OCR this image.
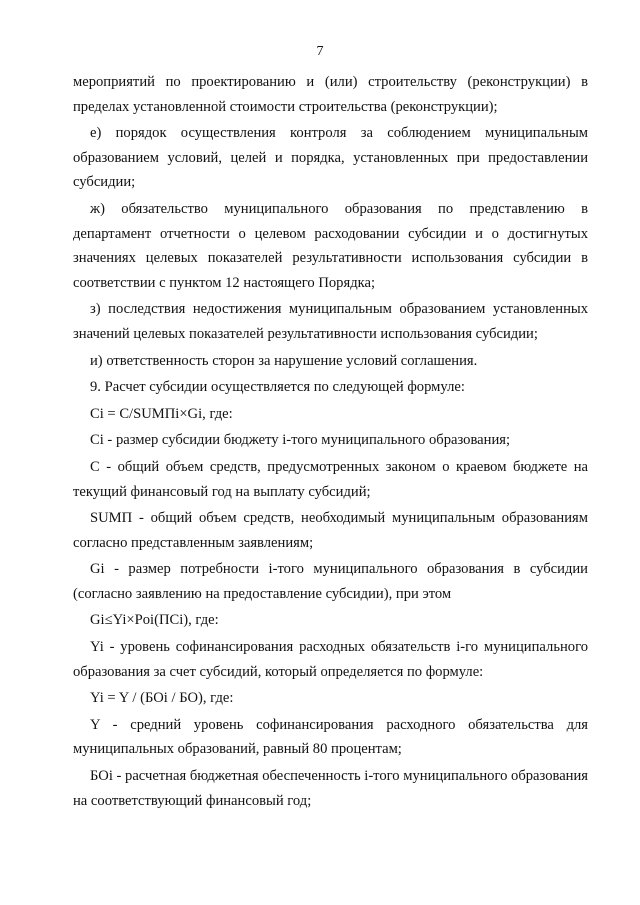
7

мероприятий по проектированию и (или) строительству (реконструкции) в пределах установленной стоимости строительства (реконструкции);

е) порядок осуществления контроля за соблюдением муниципальным образованием условий, целей и порядка, установленных при предоставлении субсидии;

ж) обязательство муниципального образования по представлению в департамент отчетности о целевом расходовании субсидии и о достигнутых значениях целевых показателей результативности использования субсидии в соответствии с пунктом 12 настоящего Порядка;

з) последствия недостижения муниципальным образованием установленных значений целевых показателей результативности использования субсидии;

и) ответственность сторон за нарушение условий соглашения.

9. Расчет субсидии осуществляется по следующей формуле:

Ci = C/SUMПi×Gi, где:

Ci - размер субсидии бюджету i-того муниципального образования;

С - общий объем средств, предусмотренных законом о краевом бюджете на текущий финансовый год на выплату субсидий;

SUMП - общий объем средств, необходимый муниципальным образованиям согласно представленным заявлениям;

Gi - размер потребности i-того муниципального образования в субсидии (согласно заявлению на предоставление субсидии), при этом

Gi≤Yi×Poi(ПСi), где:

Yi - уровень софинансирования расходных обязательств i-го муниципального образования за счет субсидий, который определяется по формуле:

Yi = Y / (БОi / БО), где:

Y - средний уровень софинансирования расходного обязательства для муниципальных образований, равный 80 процентам;

БОi - расчетная бюджетная обеспеченность i-того муниципального образования на соответствующий финансовый год;
